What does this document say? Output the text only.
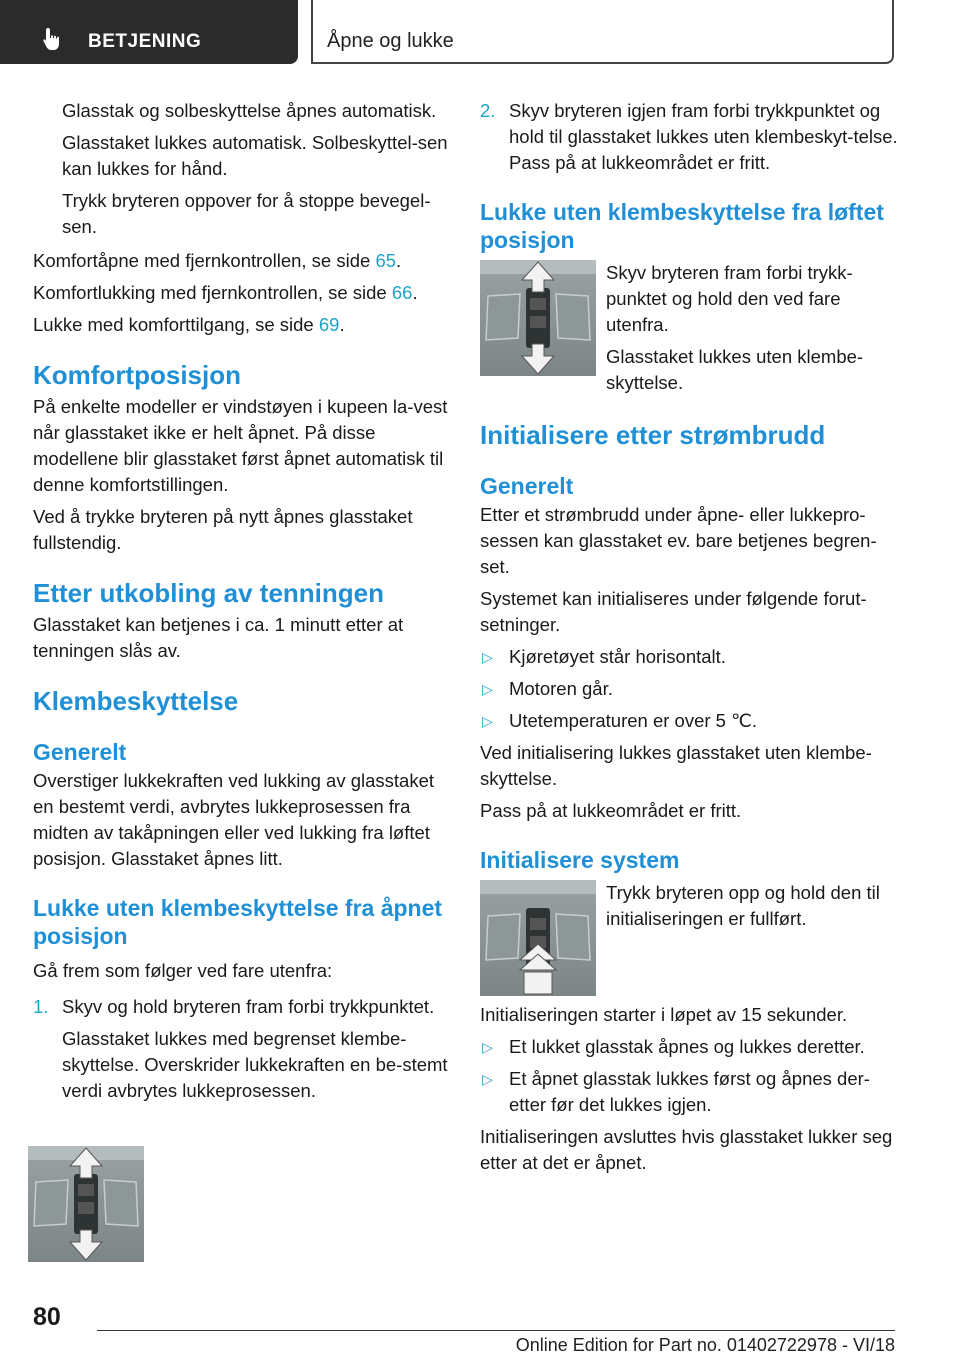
BETJENING	Åpne og lukke

Glasstak og solbeskyttelse åpnes automatisk.

Glasstaket lukkes automatisk. Solbeskyttel-sen kan lukkes for hånd.

Trykk bryteren oppover for å stoppe bevegel-sen.

Komfortåpne med fjernkontrollen, se side 65.

Komfortlukking med fjernkontrollen, se side 66.

Lukke med komforttilgang, se side 69.

Komfortposisjon

På enkelte modeller er vindstøyen i kupeen la-vest når glasstaket ikke er helt åpnet. På disse modellene blir glasstaket først åpnet automatisk til denne komfortstillingen.

Ved å trykke bryteren på nytt åpnes glasstaket fullstendig.

Etter utkobling av tenningen

Glasstaket kan betjenes i ca. 1 minutt etter at tenningen slås av.

Klembeskyttelse
Generelt

Overstiger lukkekraften ved lukking av glasstaket en bestemt verdi, avbrytes lukkeprosessen fra midten av takåpningen eller ved lukking fra løftet posisjon. Glasstaket åpnes litt.

Lukke uten klembeskyttelse fra åpnet posisjon

Gå frem som følger ved fare utenfra:

1. Skyv og hold bryteren fram forbi trykkpunktet.

Glasstaket lukkes med begrenset klembe-skyttelse. Overskrider lukkekraften en be-stemt verdi avbrytes lukkeprosessen.

2. Skyv bryteren igjen fram forbi trykkpunktet og hold til glasstaket lukkes uten klembeskyt-telse. Pass på at lukkeområdet er fritt.

Lukke uten klembeskyttelse fra løftet posisjon

Skyv bryteren fram forbi trykk-punktet og hold den ved fare utenfra.

Glasstaket lukkes uten klembe-skyttelse.

Initialisere etter strømbrudd
Generelt

Etter et strømbrudd under åpne- eller lukkepro-sessen kan glasstaket ev. bare betjenes begren-set.

Systemet kan initialiseres under følgende forut-setninger.

▷ Kjøretøyet står horisontalt.

▷ Motoren går.

▷ Utetemperaturen er over 5 ℃.

Ved initialisering lukkes glasstaket uten klembe-skyttelse.

Pass på at lukkeområdet er fritt.

Initialisere system

Trykk bryteren opp og hold den til initialiseringen er fullført.

Initialiseringen starter i løpet av 15 sekunder.

▷ Et lukket glasstak åpnes og lukkes deretter.

▷ Et åpnet glasstak lukkes først og åpnes der-etter før det lukkes igjen.

Initialiseringen avsluttes hvis glasstaket lukker seg etter at det er åpnet.

80
Online Edition for Part no. 01402722978 - VI/18
